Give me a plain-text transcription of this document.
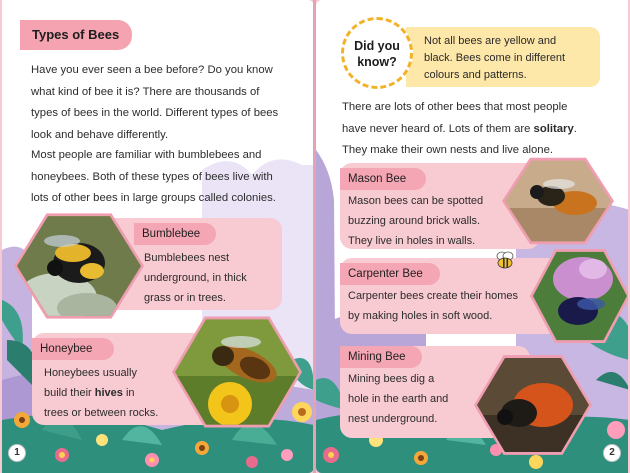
Types of Bees
Have you ever seen a bee before? Do you know
what kind of bee it is? There are thousands of
types of bees in the world. Different types of bees
look and behave differently.
Most people are familiar with bumblebees and
honeybees. Both of these types of bees live with
lots of other bees in large groups called colonies.
Bumblebee
Bumblebees nest
underground, in thick
grass or in trees.
Honeybee
Honeybees usually
build their hives in
trees or between rocks.
1
Not all bees are yellow and
black. Bees come in different
colours and patterns.
Did you
know?
There are lots of other bees that most people
have never heard of. Lots of them are solitary.
They make their own nests and live alone.
Mason Bee
Mason bees can be spotted
buzzing around brick walls.
They live in holes in walls.
Carpenter Bee
Carpenter bees create their homes
by making holes in soft wood.
Mining Bee
Mining bees dig a
hole in the earth and
nest underground.
2
